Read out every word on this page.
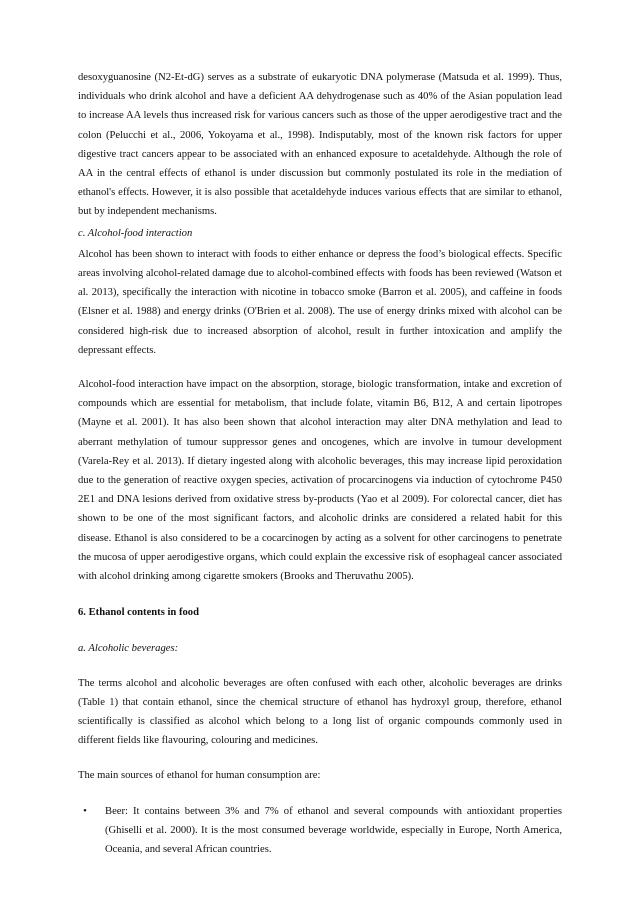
desoxyguanosine (N2-Et-dG) serves as a substrate of eukaryotic DNA polymerase (Matsuda et al. 1999). Thus, individuals who drink alcohol and have a deficient AA dehydrogenase such as 40% of the Asian population lead to increase AA levels thus increased risk for various cancers such as those of the upper aerodigestive tract and the colon (Pelucchi et al., 2006, Yokoyama et al., 1998). Indisputably, most of the known risk factors for upper digestive tract cancers appear to be associated with an enhanced exposure to acetaldehyde. Although the role of AA in the central effects of ethanol is under discussion but commonly postulated its role in the mediation of ethanol's effects. However, it is also possible that acetaldehyde induces various effects that are similar to ethanol, but by independent mechanisms.

c. Alcohol-food interaction

Alcohol has been shown to interact with foods to either enhance or depress the food’s biological effects. Specific areas involving alcohol-related damage due to alcohol-combined effects with foods has been reviewed (Watson et al. 2013), specifically the interaction with nicotine in tobacco smoke (Barron et al. 2005), and caffeine in foods (Elsner et al. 1988) and energy drinks (O'Brien et al. 2008). The use of energy drinks mixed with alcohol can be considered high-risk due to increased absorption of alcohol, result in further intoxication and amplify the depressant effects.

Alcohol-food interaction have impact on the absorption, storage, biologic transformation, intake and excretion of compounds which are essential for metabolism, that include folate, vitamin B6, B12, A and certain lipotropes (Mayne et al. 2001). It has also been shown that alcohol interaction may alter DNA methylation and lead to aberrant methylation of tumour suppressor genes and oncogenes, which are involve in tumour development (Varela-Rey et al. 2013). If dietary ingested along with alcoholic beverages, this may increase lipid peroxidation due to the generation of reactive oxygen species, activation of procarcinogens via induction of cytochrome P450 2E1 and DNA lesions derived from oxidative stress by-products (Yao et al 2009). For colorectal cancer, diet has shown to be one of the most significant factors, and alcoholic drinks are considered a related habit for this disease. Ethanol is also considered to be a cocarcinogen by acting as a solvent for other carcinogens to penetrate the mucosa of upper aerodigestive organs, which could explain the excessive risk of esophageal cancer associated with alcohol drinking among cigarette smokers (Brooks and Theruvathu 2005).

6. Ethanol contents in food

a. Alcoholic beverages:

The terms alcohol and alcoholic beverages are often confused with each other, alcoholic beverages are drinks (Table 1) that contain ethanol, since the chemical structure of ethanol has hydroxyl group, therefore, ethanol scientifically is classified as alcohol which belong to a long list of organic compounds commonly used in different fields like flavouring, colouring and medicines.

The main sources of ethanol for human consumption are:

• Beer: It contains between 3% and 7% of ethanol and several compounds with antioxidant properties (Ghiselli et al. 2000). It is the most consumed beverage worldwide, especially in Europe, North America, Oceania, and several African countries.
